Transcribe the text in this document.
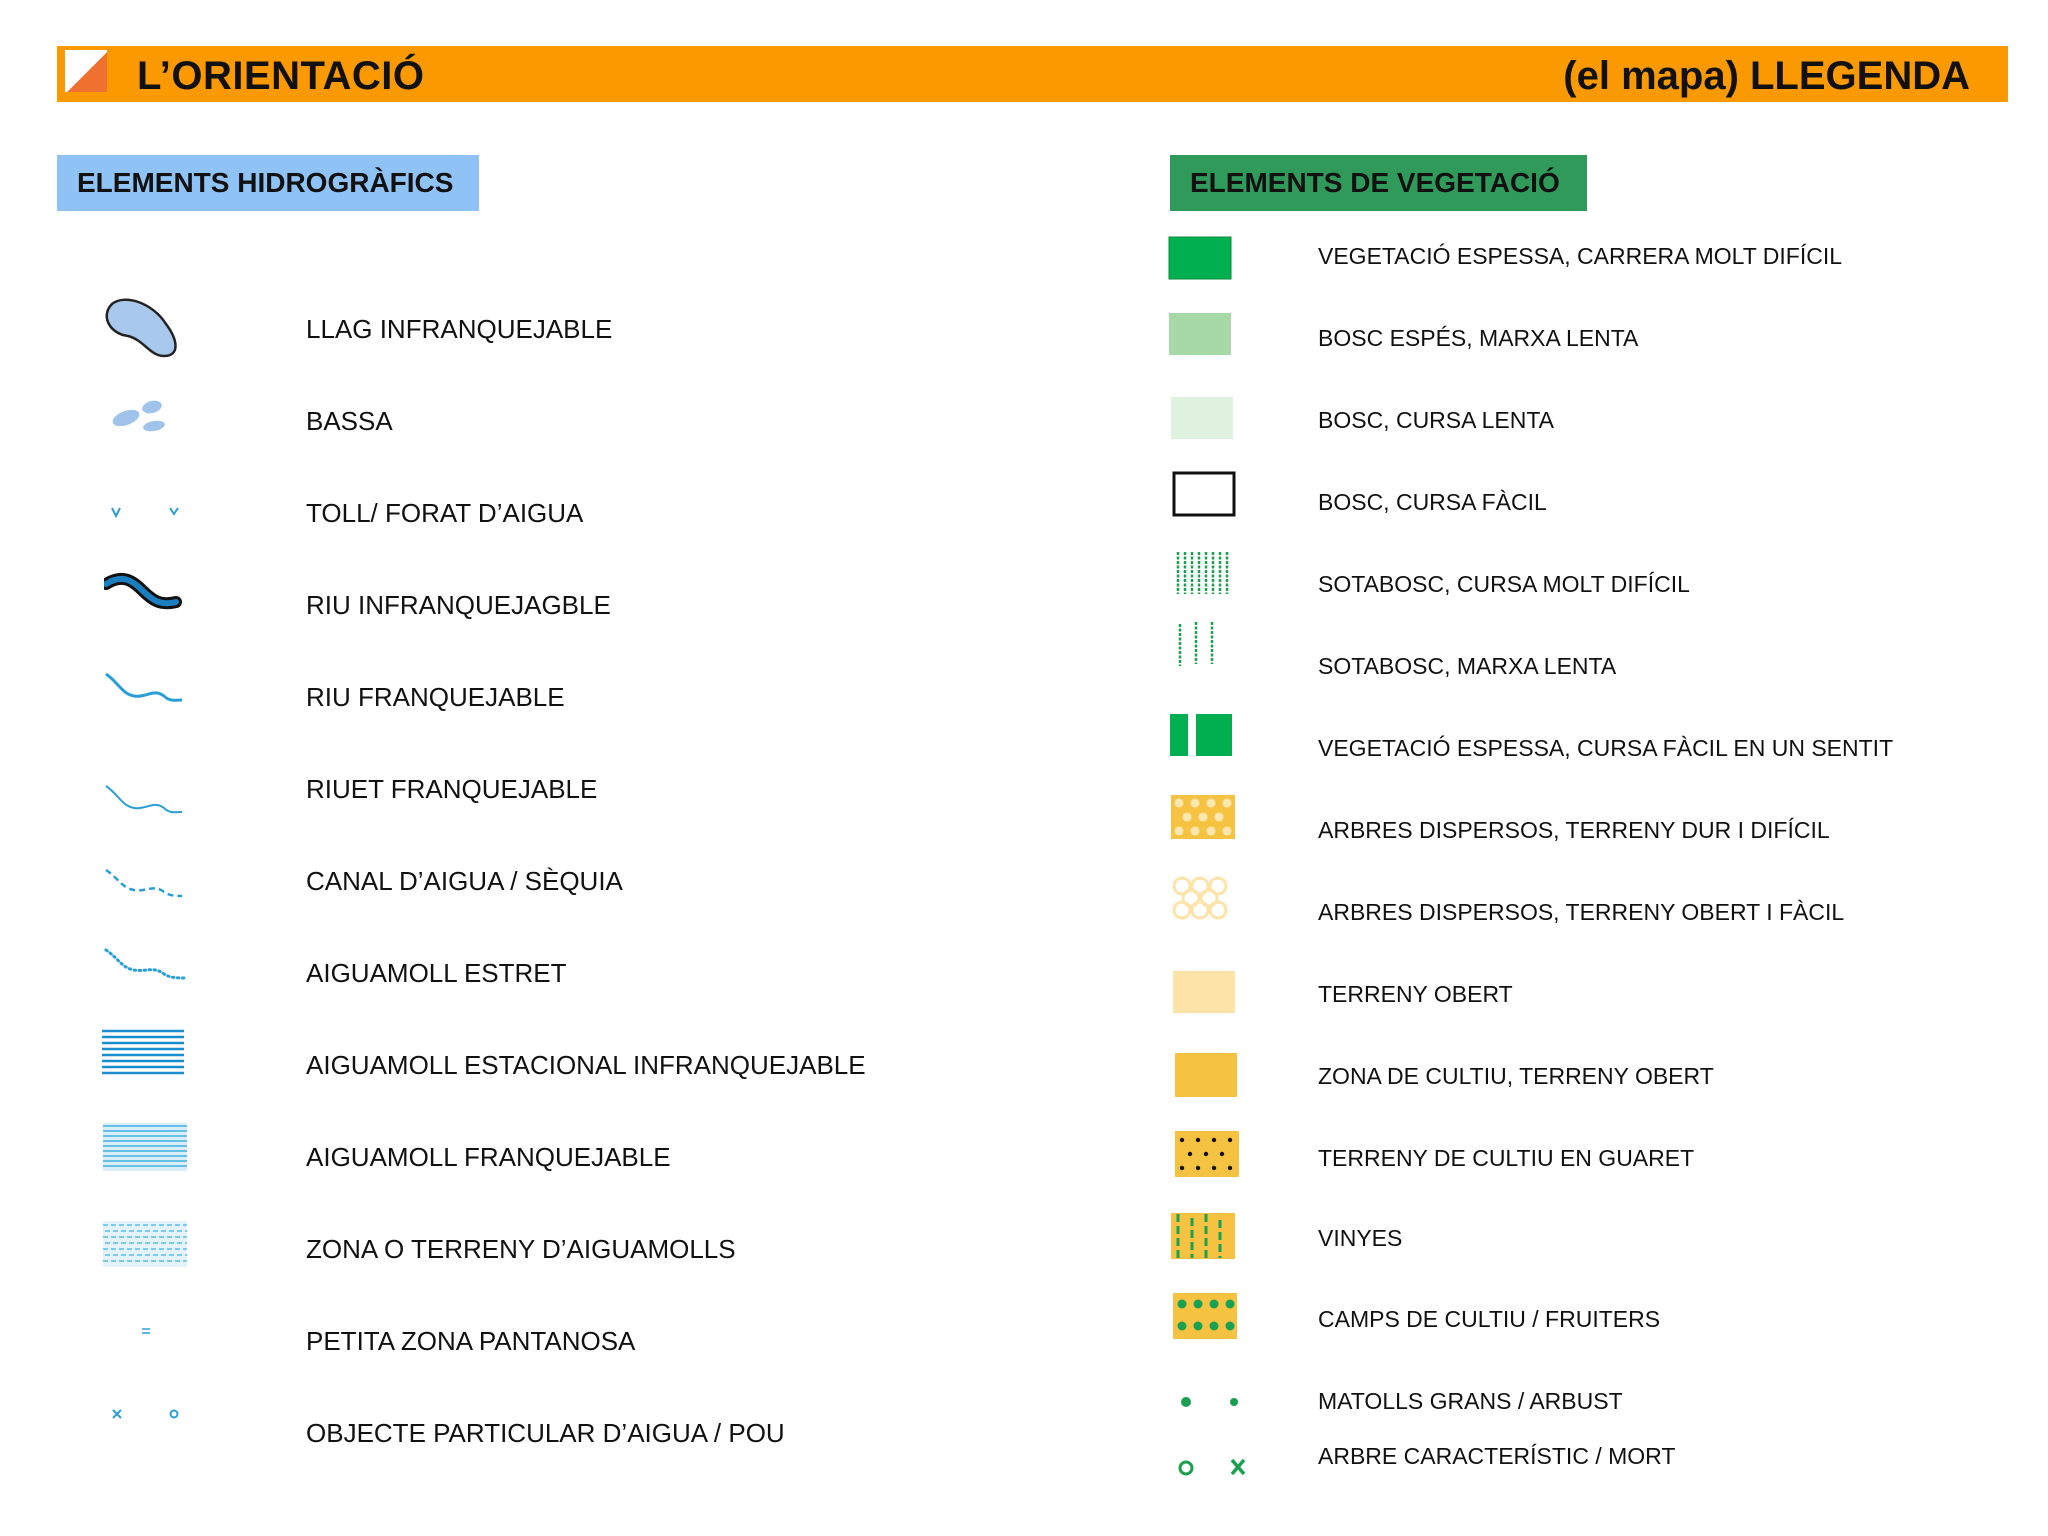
L’ORIENTACIÓ	(el mapa) LLEGENDA
ELEMENTS HIDROGRÀFICS	ELEMENTS DE VEGETACIÓ
LLAG INFRANQUEJABLE
BASSA
TOLL/ FORAT D’AIGUA
RIU INFRANQUEJAGBLE
RIU FRANQUEJABLE
RIUET FRANQUEJABLE
CANAL D’AIGUA / SÈQUIA
AIGUAMOLL ESTRET
AIGUAMOLL ESTACIONAL INFRANQUEJABLE
AIGUAMOLL FRANQUEJABLE
ZONA O TERRENY D’AIGUAMOLLS
PETITA ZONA PANTANOSA
OBJECTE PARTICULAR D’AIGUA / POU
VEGETACIÓ ESPESSA, CARRERA MOLT DIFÍCIL
BOSC ESPÉS, MARXA LENTA
BOSC, CURSA LENTA
BOSC, CURSA FÀCIL
SOTABOSC, CURSA MOLT DIFÍCIL
SOTABOSC, MARXA LENTA
VEGETACIÓ ESPESSA, CURSA FÀCIL EN UN SENTIT
ARBRES DISPERSOS, TERRENY DUR I DIFÍCIL
ARBRES DISPERSOS, TERRENY OBERT I FÀCIL
TERRENY OBERT
ZONA DE CULTIU, TERRENY OBERT
TERRENY DE CULTIU EN GUARET
VINYES
CAMPS DE CULTIU / FRUITERS
MATOLLS GRANS / ARBUST
ARBRE CARACTERÍSTIC / MORT
